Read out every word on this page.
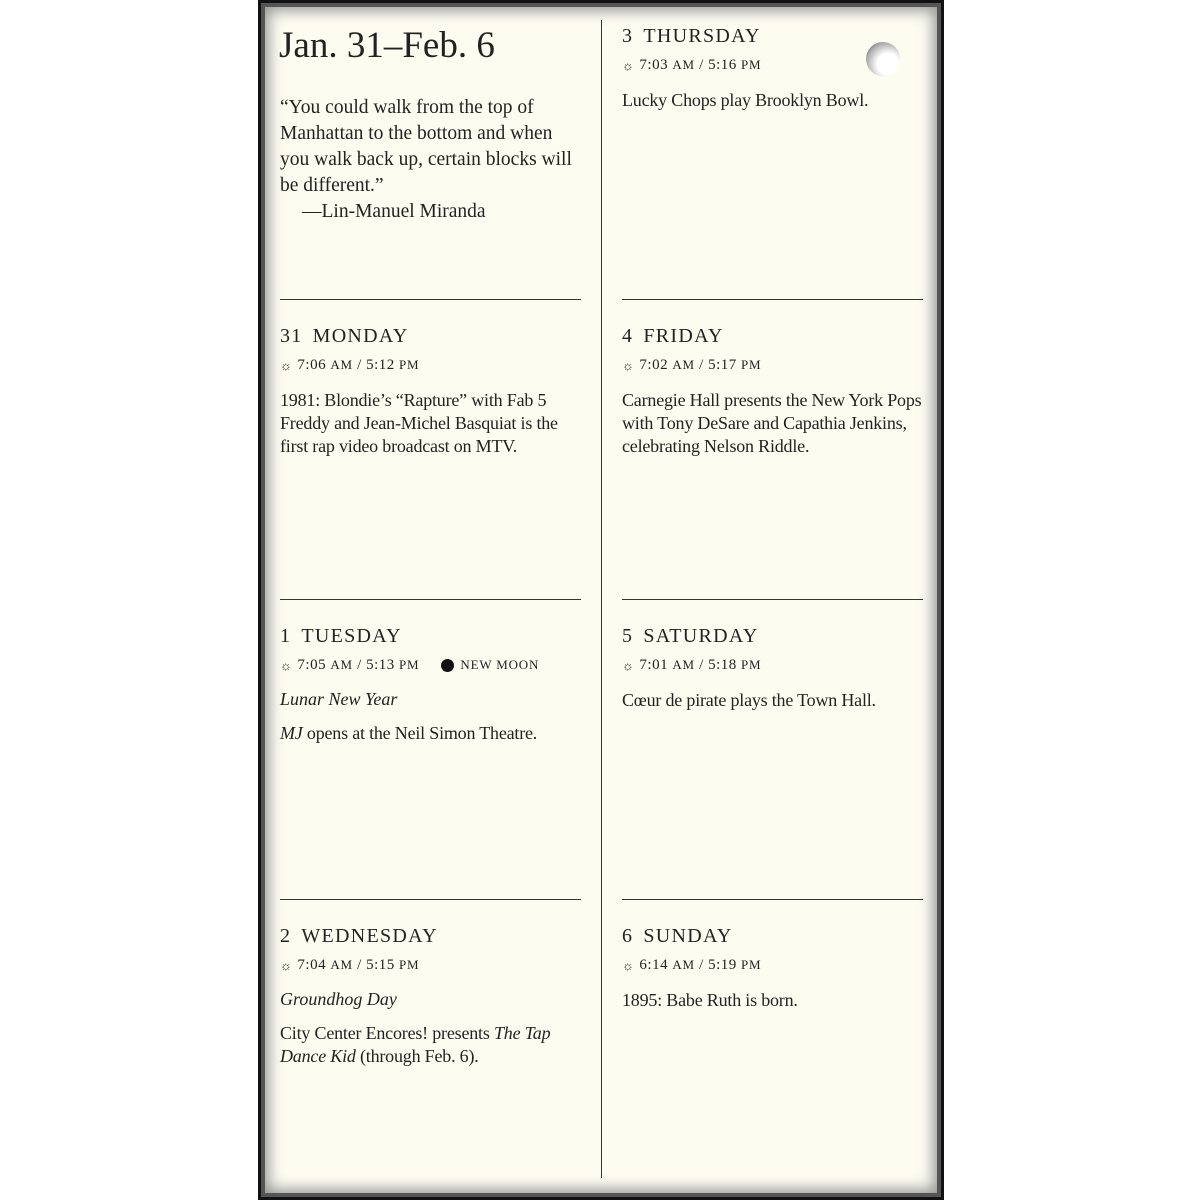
Jan. 31–Feb. 6
“You could walk from the top of Manhattan to the bottom and when you walk back up, certain blocks will be different.”
—Lin-Manuel Miranda
31 MONDAY
☼ 7:06
AM / 5:12
PM
1981: Blondie’s “Rapture” with Fab 5 Freddy and Jean-Michel Basquiat is the first rap video broadcast on MTV.
1 TUESDAY
☼ 7:05
AM / 5:13
PM	NEW MOON
Lunar New Year
MJ opens at the Neil Simon Theatre.
2 WEDNESDAY
☼ 7:04
AM / 5:15
PM
Groundhog Day
City Center Encores! presents The Tap Dance Kid (through Feb. 6).
3 THURSDAY
☼ 7:03
AM / 5:16
PM
Lucky Chops play Brooklyn Bowl.
4 FRIDAY
☼ 7:02
AM / 5:17
PM
Carnegie Hall presents the New York Pops with Tony DeSare and Capathia Jenkins, celebrating Nelson Riddle.
5 SATURDAY
☼ 7:01
AM / 5:18
PM
Cœur de pirate plays the Town Hall.
6 SUNDAY
☼ 6:14
AM / 5:19
PM
1895: Babe Ruth is born.
